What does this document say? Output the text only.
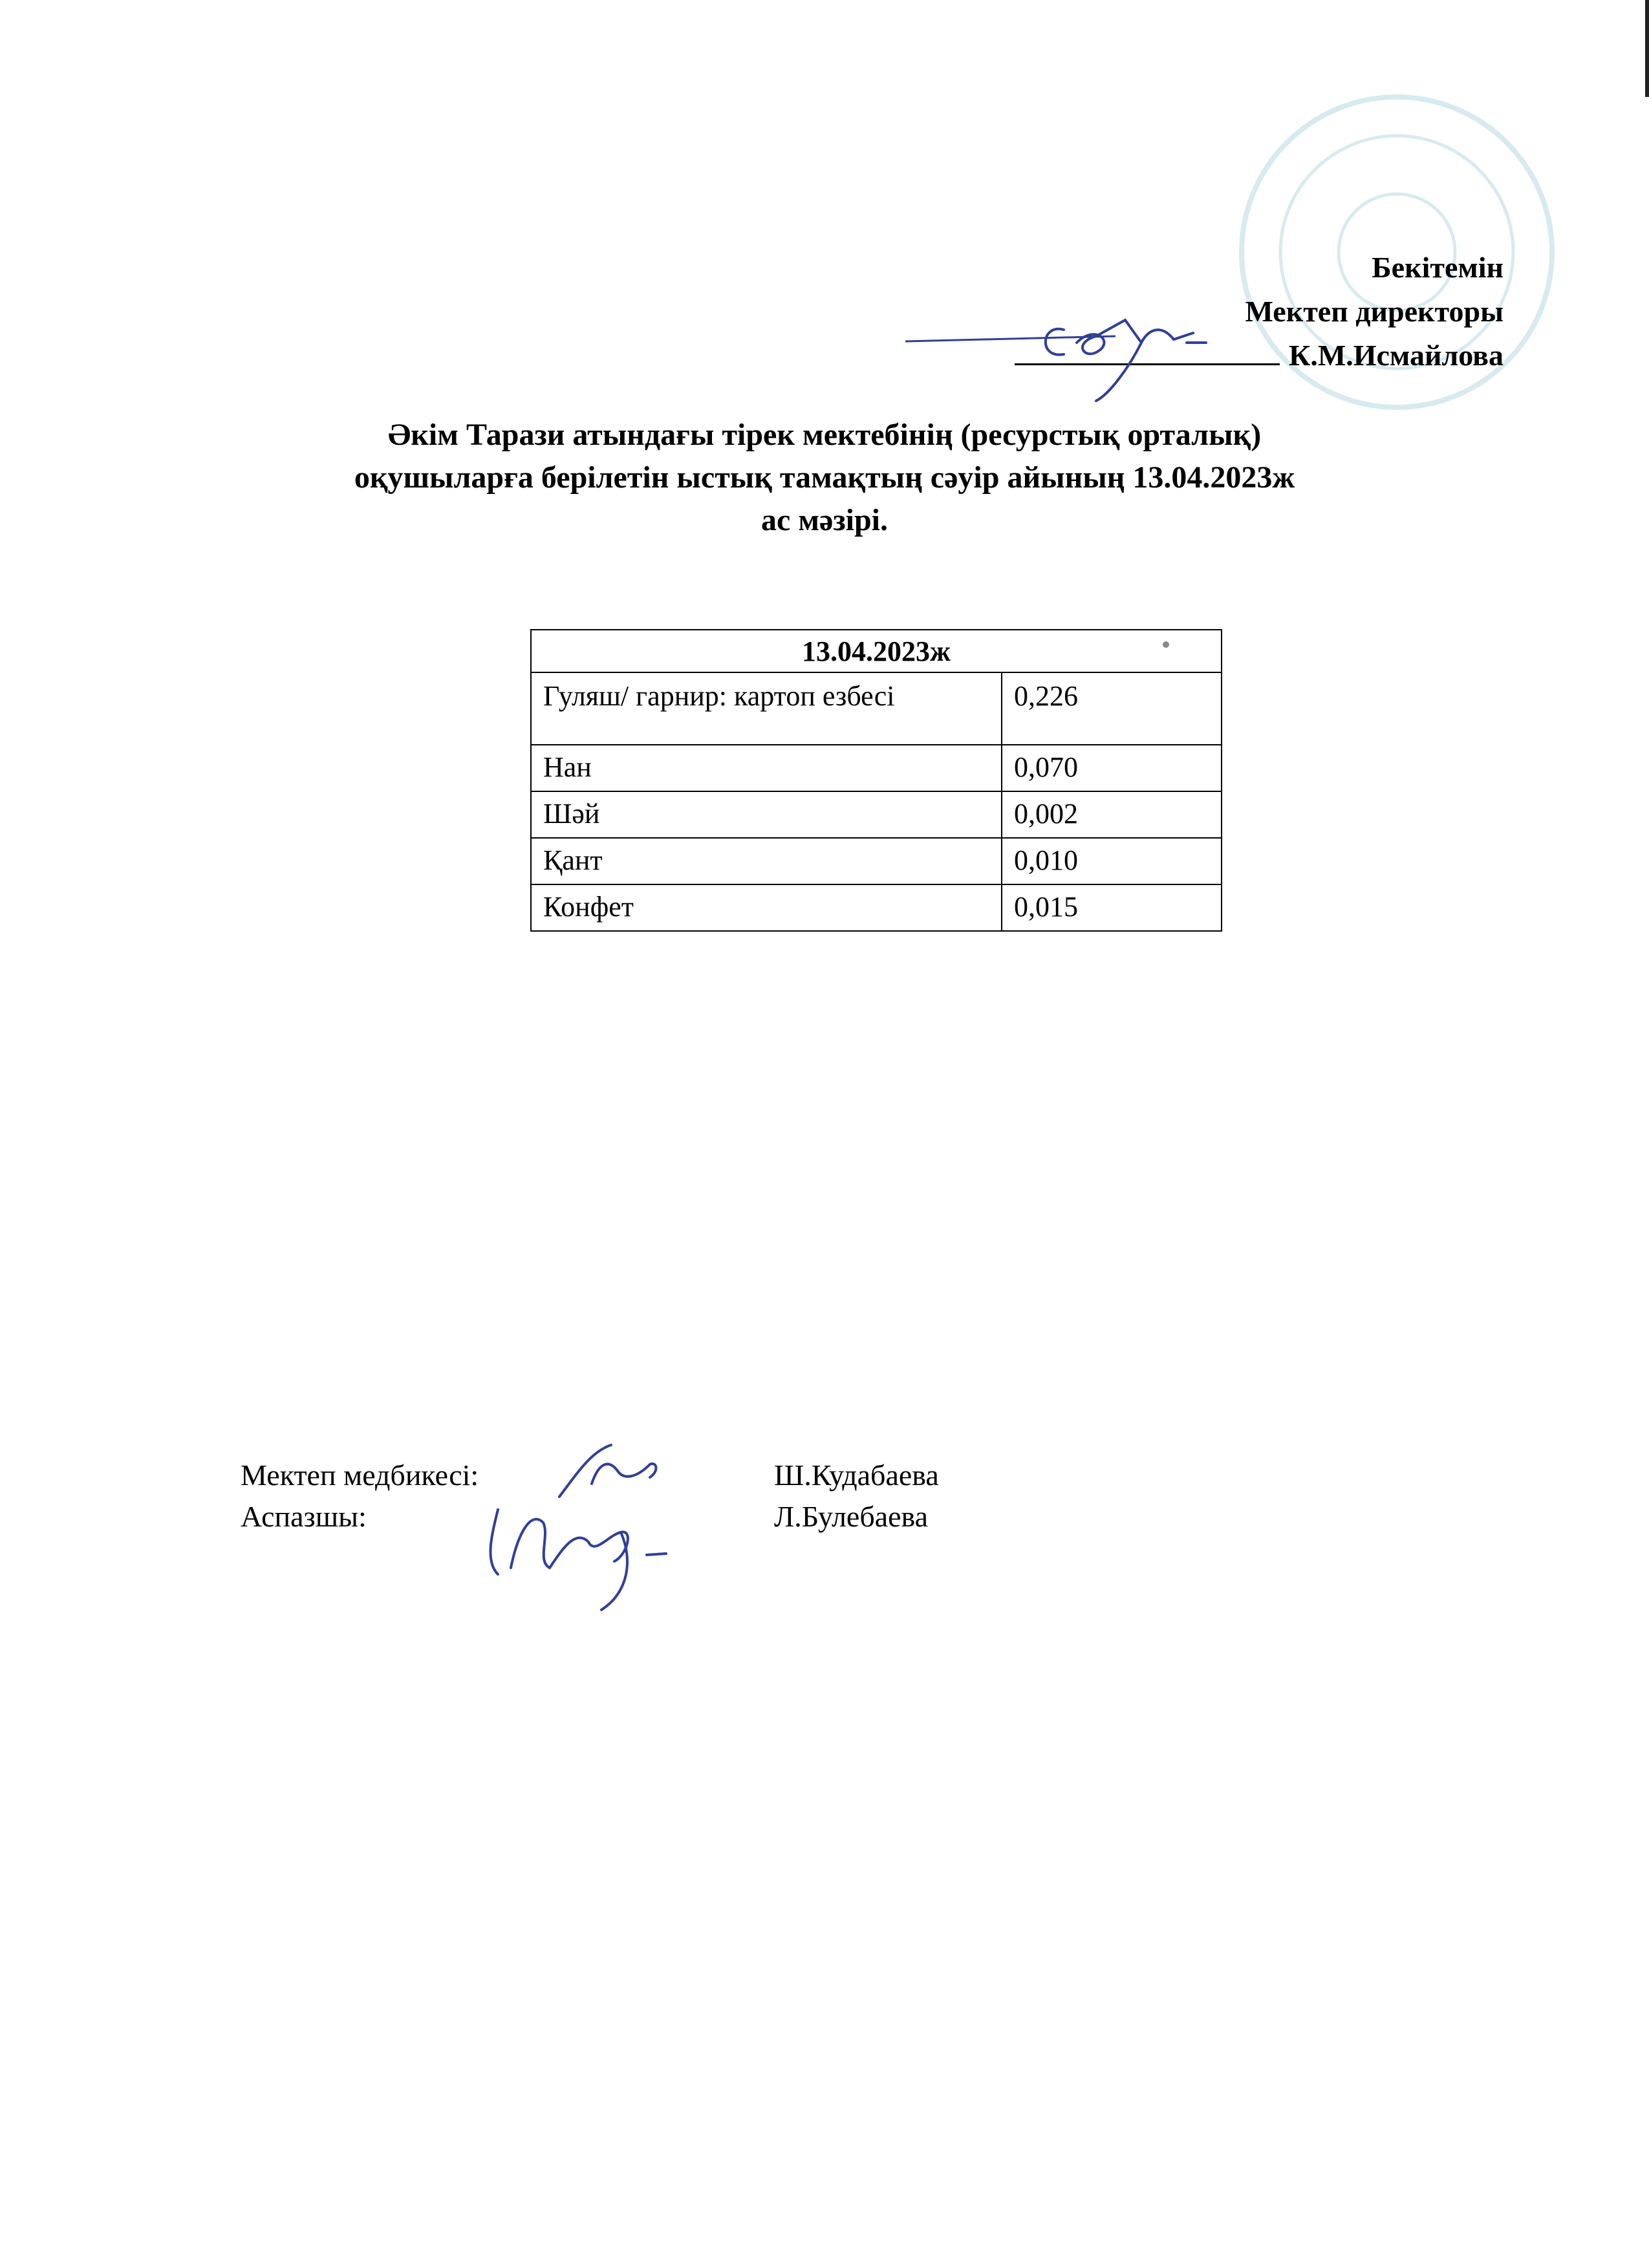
Бекітемін
Мектеп директоры
К.М.Исмайлова
Әкім Тарази атындағы тірек мектебінің (ресурстық орталық)
оқушыларға берілетін ыстық тамақтың сәуір айының 13.04.2023ж
ас мәзірі.
13.04.2023ж	
Гуляш/ гарнир: картоп езбесі	0,226
Нан	0,070
Шәй	0,002
Қант	0,010
Конфет	0,015
Мектеп медбикесі:	Ш.Кудабаева
Аспазшы:	Л.Булебаева
